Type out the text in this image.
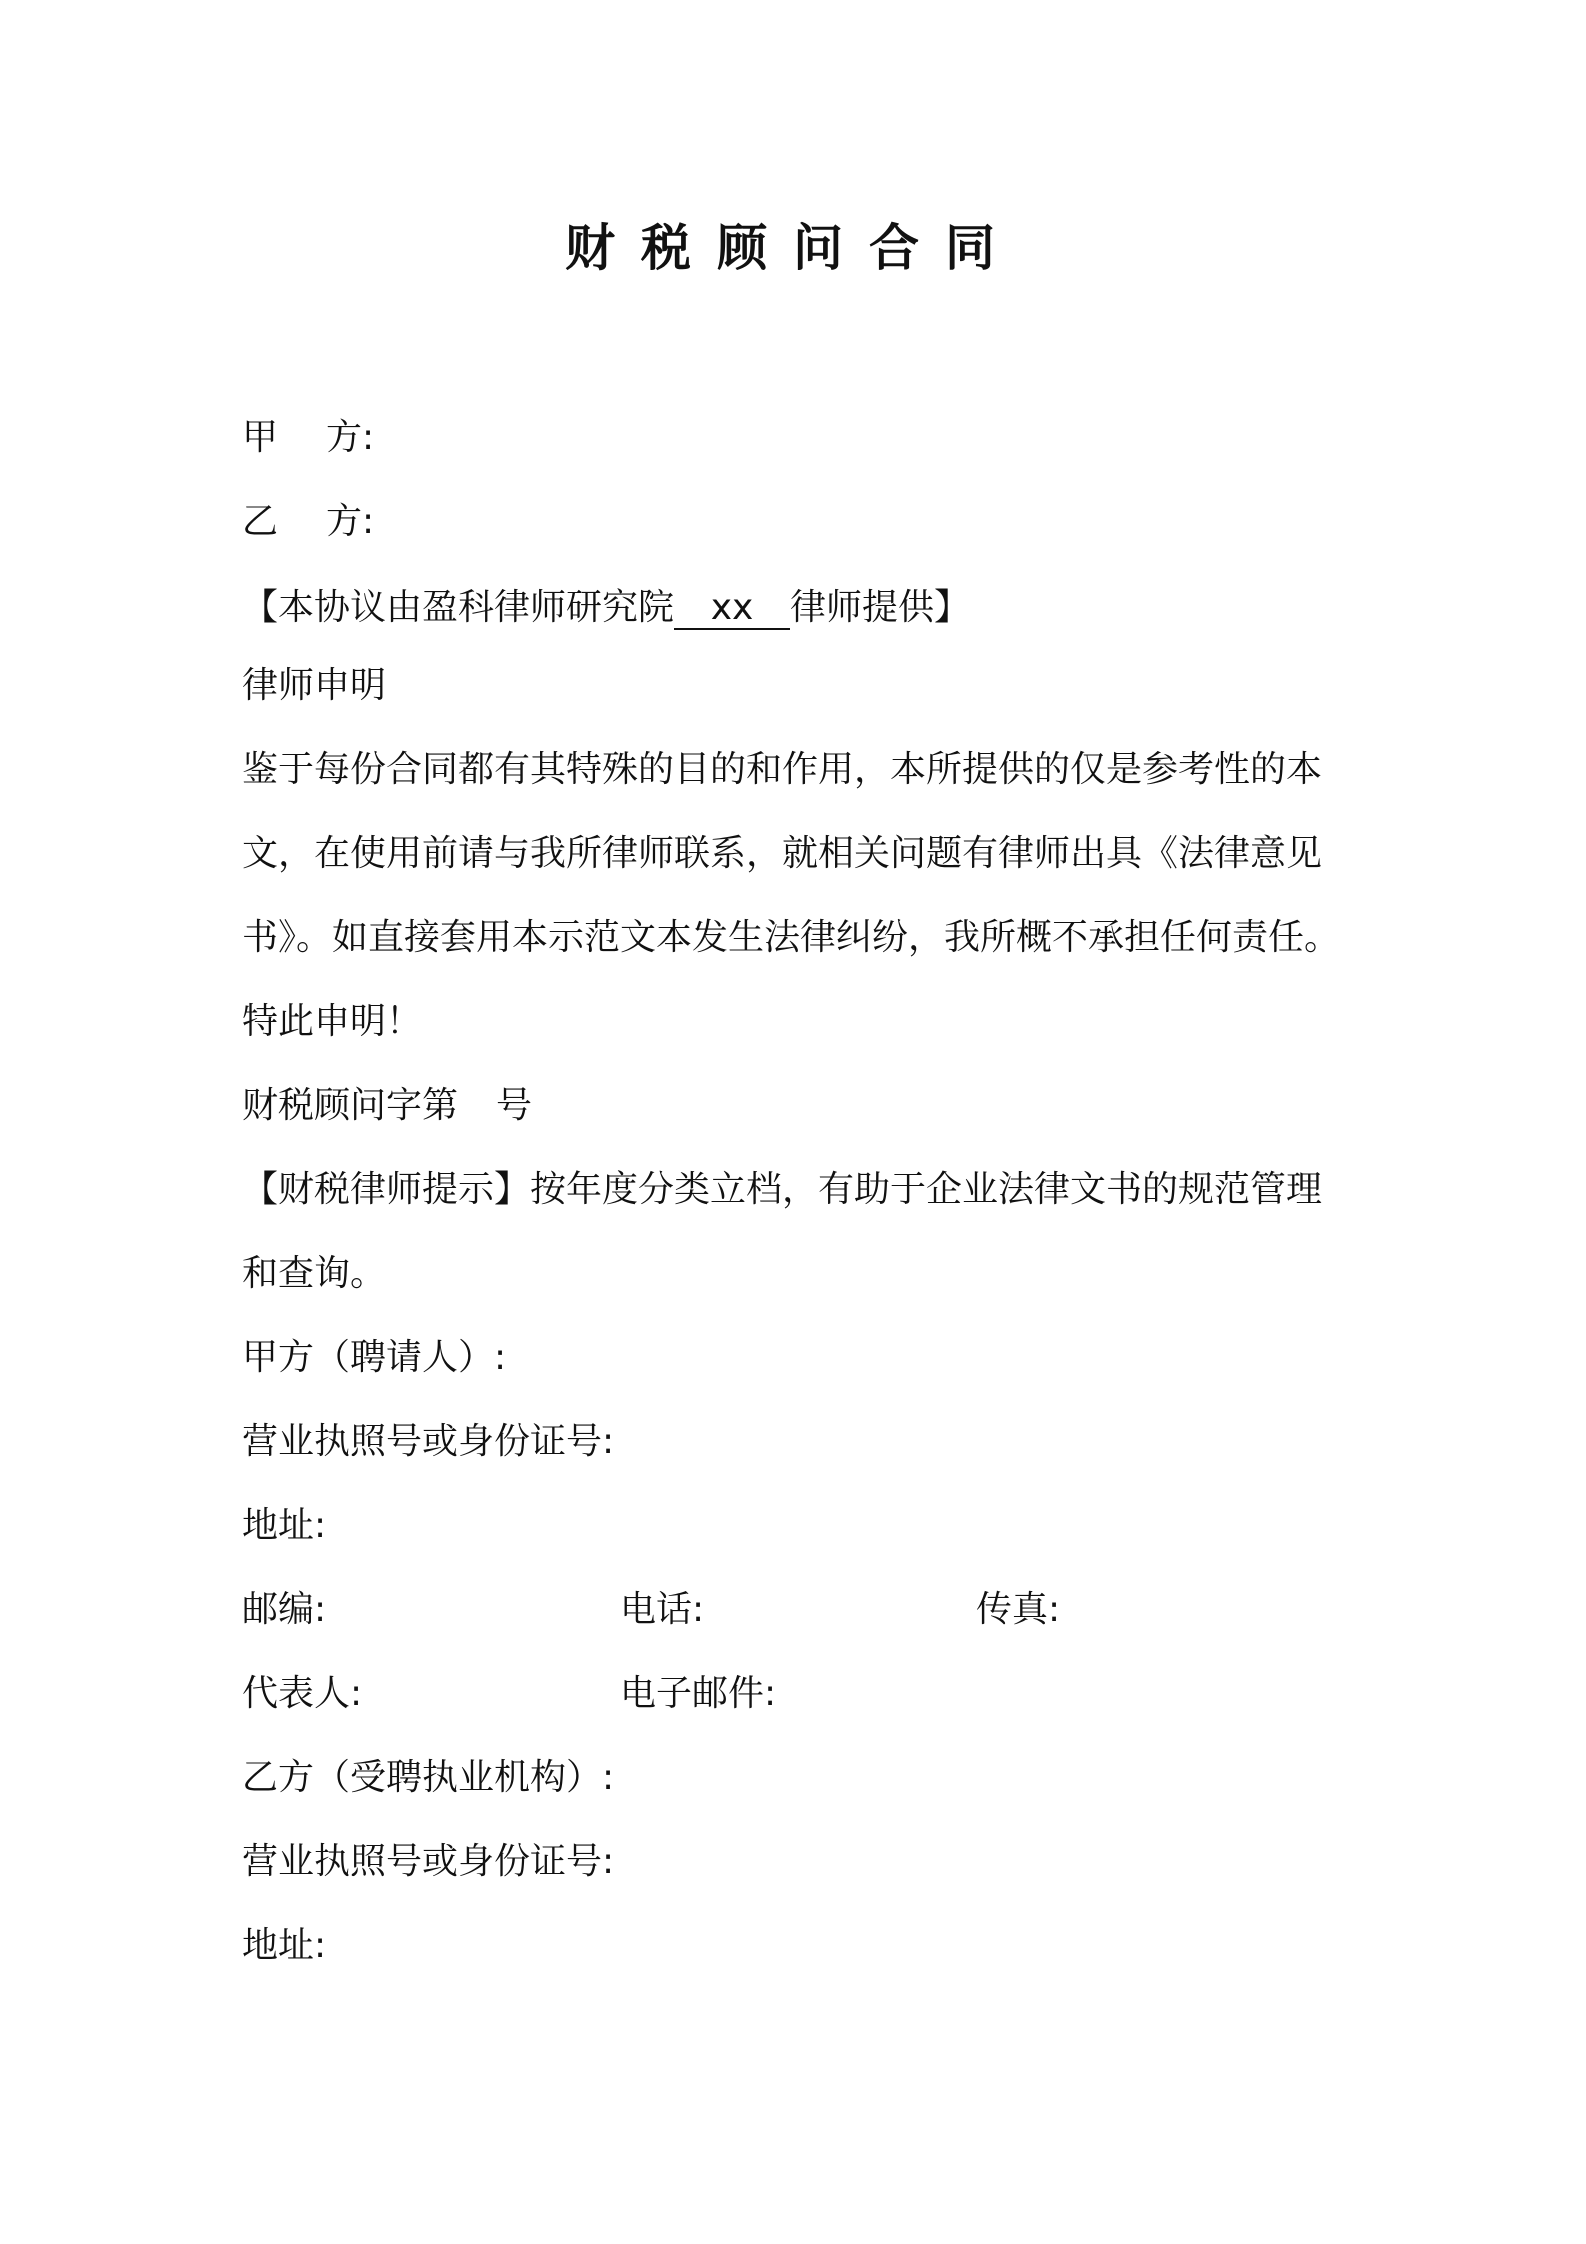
财税顾问合同
甲 方:
乙 方:
【本协议由盈科律师研究院 xx 律师提供】
律师申明
鉴于每份合同都有其特殊的目的和作用，本所提供的仅是参考性的本
文，在使用前请与我所律师联系，就相关问题有律师出具《法律意见
书》。如直接套用本示范文本发生法律纠纷，我所概不承担任何责任。
特此申明！
财税顾问字第 号
【财税律师提示】按年度分类立档，有助于企业法律文书的规范管理
和查询。
甲方（聘请人）:
营业执照号或身份证号:
地址:
邮编:	电话:	传真:
代表人:	电子邮件:
乙方（受聘执业机构）:
营业执照号或身份证号:
地址:
